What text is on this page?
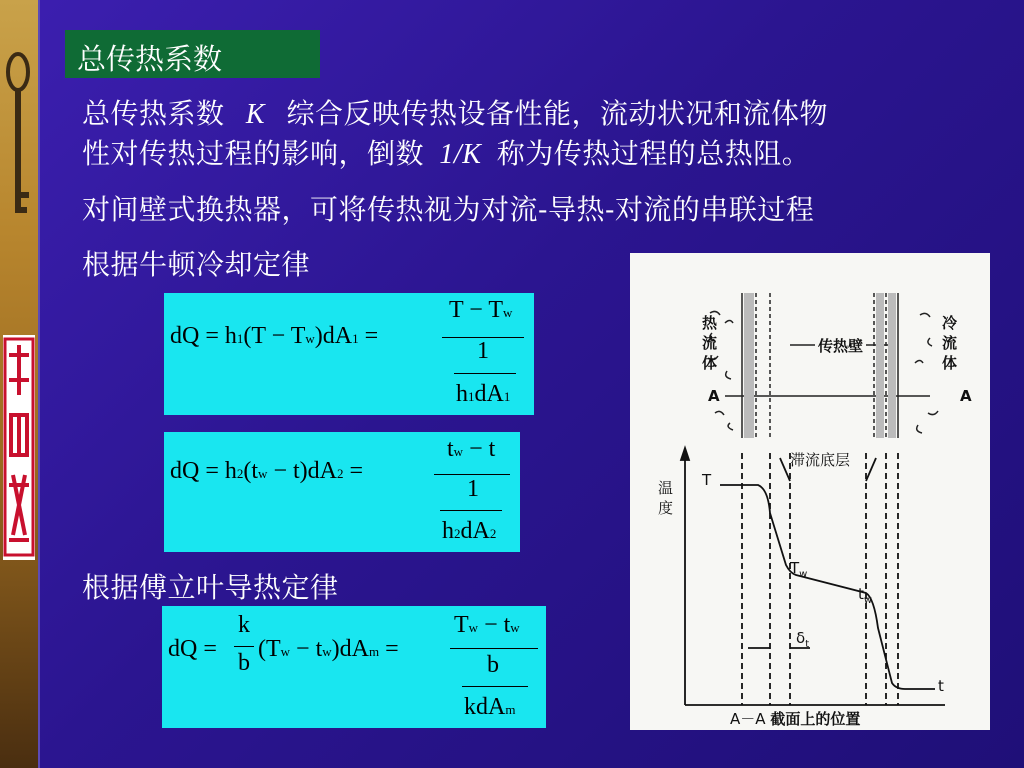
总传热系数
总传热系数 K 综合反映传热设备性能，流动状况和流体物
性对传热过程的影响，倒数 1/K 称为传热过程的总热阻。
对间壁式换热器，可将传热视为对流-导热-对流的串联过程
根据牛顿冷却定律
根据傅立叶导热定律
dQ = h1(T − Tw)dA1 =
T − Tw
1
h1dA1
dQ = h2(tw − t)dA2 =
tw − t
1
h2dA2
dQ =
k
b
(Tw − tw)dAm =
Tw − tw
b
kdAm
热
流
体
冷
流
体
传热壁
A	A
滞流底层
温
度
T
$T_w$
$t_w$
$\delta_t$
t
A－A 截面上的位置
